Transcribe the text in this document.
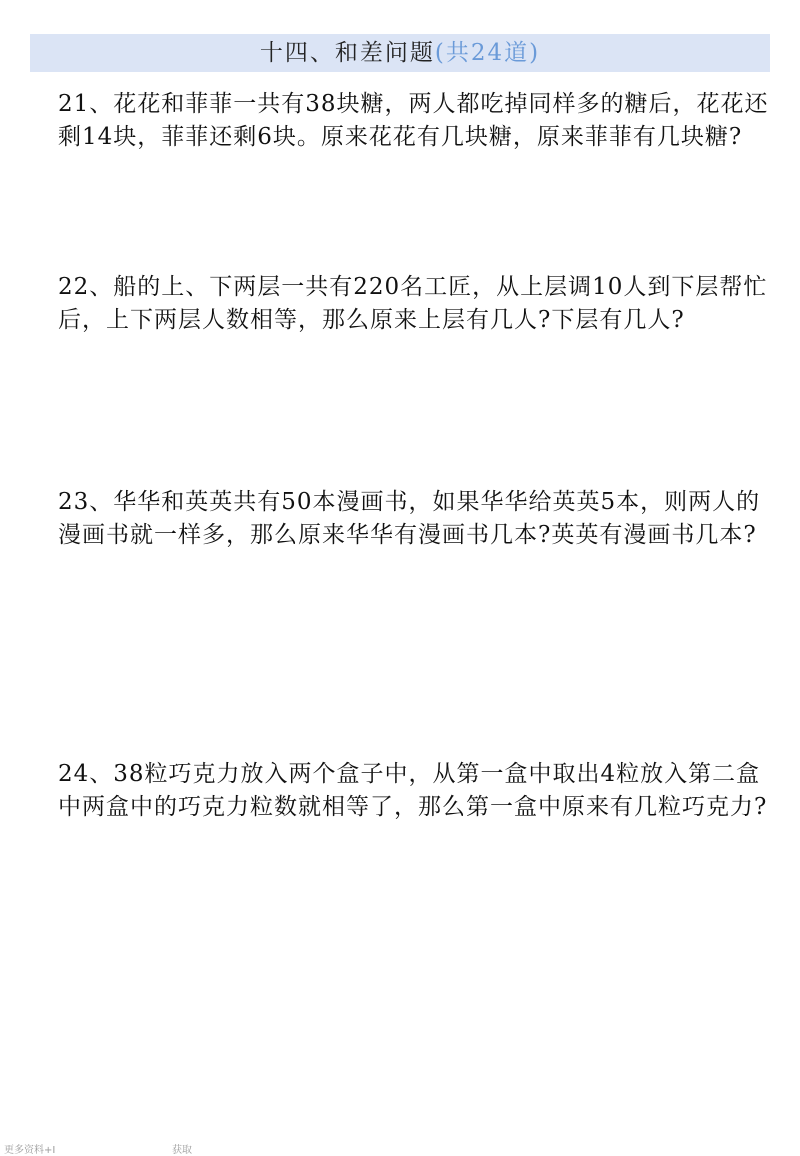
十四、和差问题(共24道)

21、花花和菲菲一共有38块糖，两人都吃掉同样多的糖后，花花还剩14块，菲菲还剩6块。原来花花有几块糖，原来菲菲有几块糖?

22、船的上、下两层一共有220名工匠，从上层调10人到下层帮忙后，上下两层人数相等，那么原来上层有几人?下层有几人?

23、华华和英英共有50本漫画书，如果华华给英英5本，则两人的漫画书就一样多，那么原来华华有漫画书几本?英英有漫画书几本?

24、38粒巧克力放入两个盒子中，从第一盒中取出4粒放入第二盒中两盒中的巧克力粒数就相等了，那么第一盒中原来有几粒巧克力?

更多资料+I	获取
